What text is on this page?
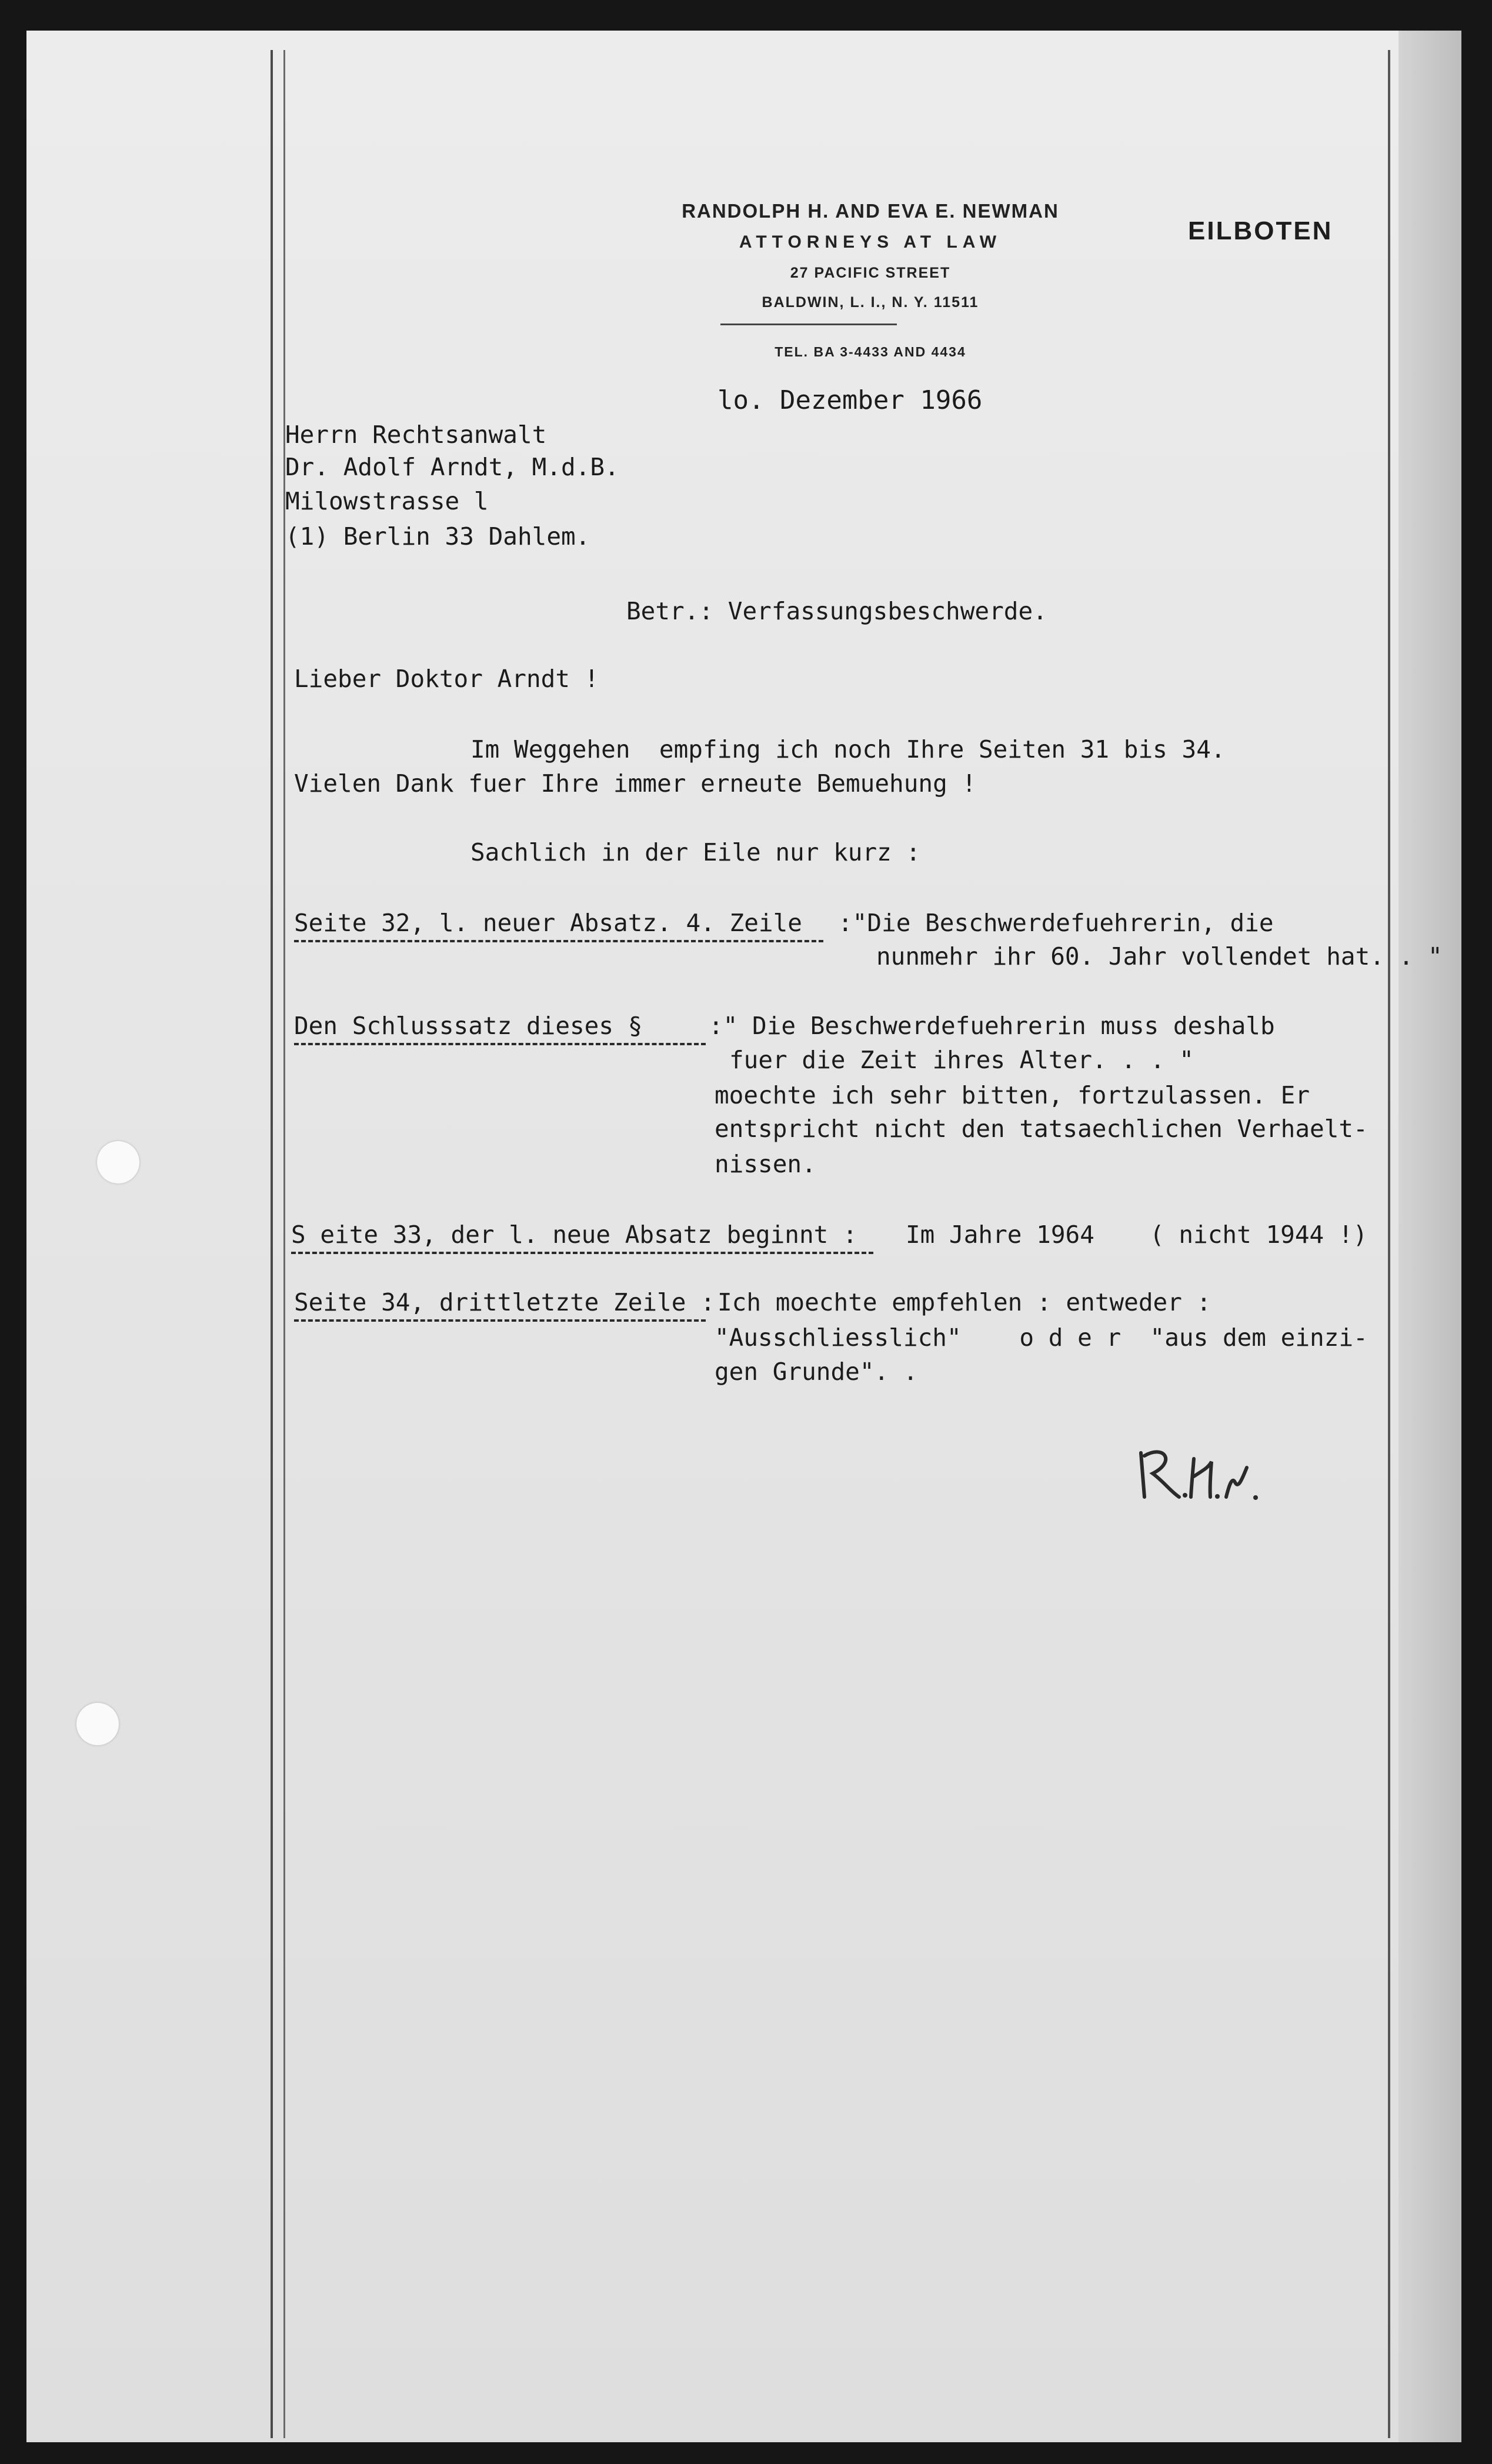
RANDOLPH H. AND EVA E. NEWMAN
ATTORNEYS AT LAW
27 PACIFIC STREET
BALDWIN, L. I., N. Y. 11511
TEL. BA 3-4433 AND 4434
EILBOTEN
lo. Dezember 1966
Herrn Rechtsanwalt
Dr. Adolf Arndt, M.d.B.
Milowstrasse l
(1) Berlin 33 Dahlem.
Betr.: Verfassungsbeschwerde.
Lieber Doktor Arndt !
Im Weggehen  empfing ich noch Ihre Seiten 31 bis 34.
Vielen Dank fuer Ihre immer erneute Bemuehung !
Sachlich in der Eile nur kurz :
Seite 32, l. neuer Absatz. 4. Zeile :"Die Beschwerdefuehrerin, die
nunmehr ihr 60. Jahr vollendet hat. . "
Den Schlusssatz dieses §	:" Die Beschwerdefuehrerin muss deshalb
fuer die Zeit ihres Alter. . . "
moechte ich sehr bitten, fortzulassen. Er
entspricht nicht den tatsaechlichen Verhaelt-
nissen.
S eite 33, der l. neue Absatz beginnt : Im Jahre 1964 ( nicht 1944 !)
Seite 34, drittletzte Zeile : Ich moechte empfehlen : entweder :
"Ausschliesslich"    o d e r  "aus dem einzi-
gen Grunde". .
